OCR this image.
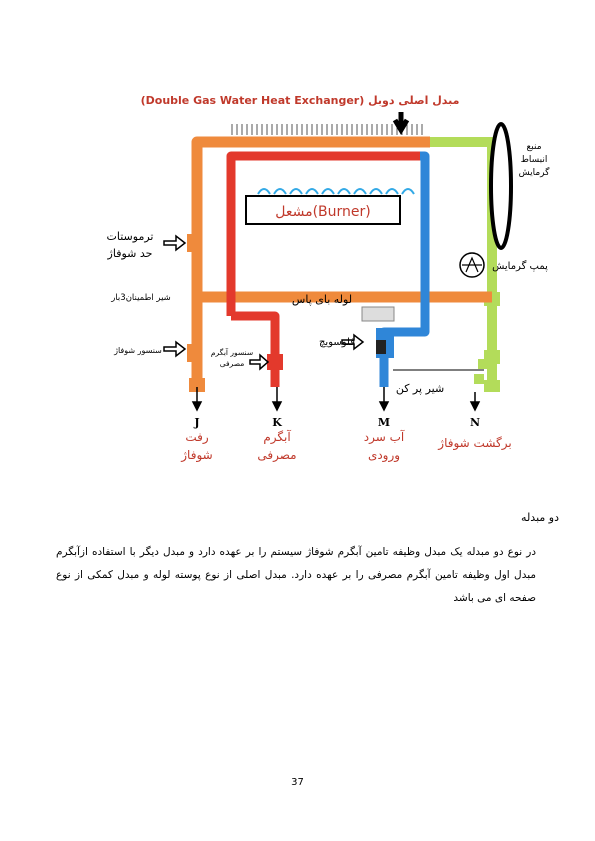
مشعل(Burner)
(Double Gas Water Heat Exchanger) مبدل اصلی دوبل
منبع
انبساط
گرمایش
ترموستات
حد شوفاژ
پمپ گرمایش
شیر اطمینان3بار	لوله بای پاس
سنسور شوفاژ	سنسور آبگرم
مصرفی
فلوسویچ
شیر پر کن
J
رفت
شوفاژ
K
آبگرم
مصرفی
M
آب سرد
ورودی
N
برگشت شوفاژ
دو مبدله
در نوع دو مبدله یک مبدل وظیفه تامین آبگرم شوفاژ سیستم را بر عهده دارد و مبدل دیگر با استفاده ازآبگرم مبدل اول وظیفه تامین آبگرم مصرفی را بر عهده دارد. مبدل اصلی از نوع پوسته لوله و مبدل کمکی از نوع صفحه ای می باشد
37
